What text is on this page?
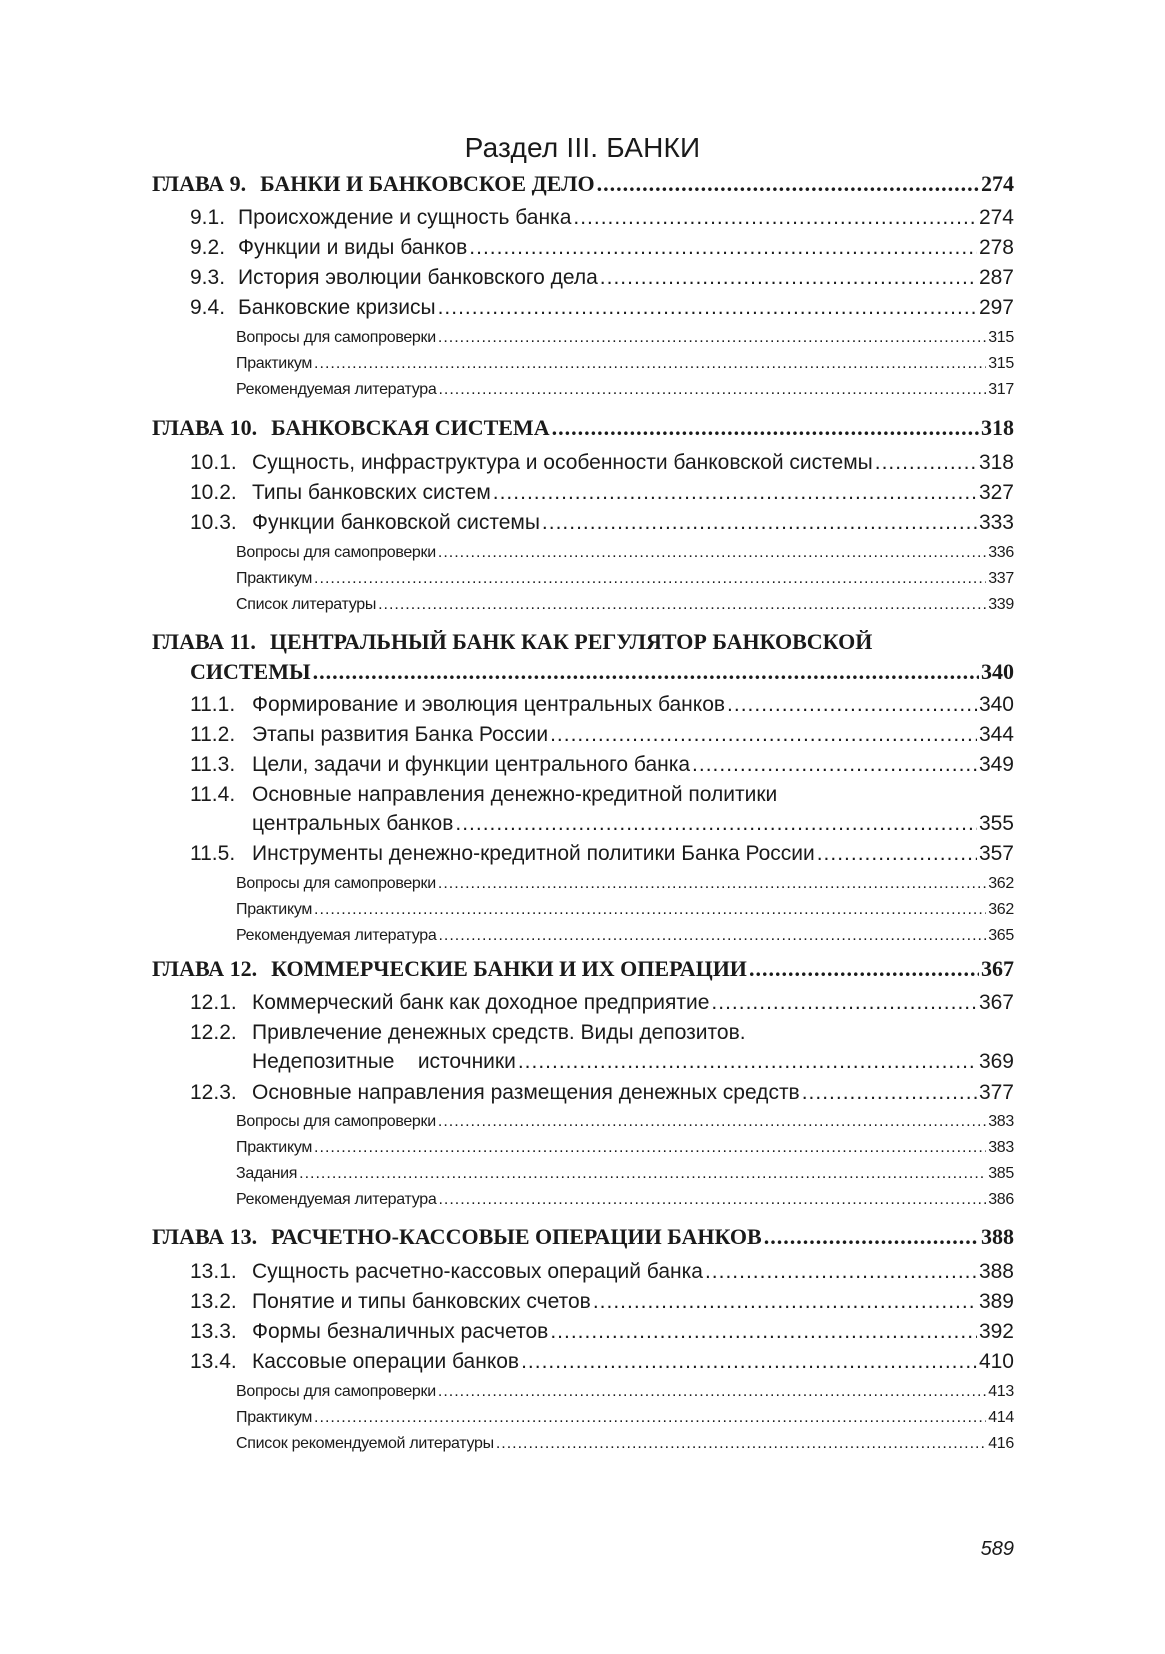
Раздел III. БАНКИ
ГЛАВА 9. БАНКИ И БАНКОВСКОЕ ДЕЛО .....	274
9.1. Происхождение и сущность банка .....	274
9.2. Функции и виды банков .....	278
9.3. История эволюции банковского дела .....	287
9.4. Банковские кризисы .....	297
Вопросы для самопроверки .....	315
Практикум .....	315
Рекомендуемая литература .....	317
ГЛАВА 10. БАНКОВСКАЯ СИСТЕМА .....	318
10.1. Сущность, инфраструктура и особенности банковской системы .....	318
10.2. Типы банковских систем .....	327
10.3. Функции банковской системы .....	333
Вопросы для самопроверки .....	336
Практикум .....	337
Список литературы .....	339
ГЛАВА 11. ЦЕНТРАЛЬНЫЙ БАНК КАК РЕГУЛЯТОР БАНКОВСКОЙ
СИСТЕМЫ .....	340
11.1. Формирование и эволюция центральных банков .....	340
11.2. Этапы развития Банка России .....	344
11.3. Цели, задачи и функции центрального банка .....	349
11.4. Основные направления денежно-кредитной политики
центральных банков .....	355
11.5. Инструменты денежно-кредитной политики Банка России .....	357
Вопросы для самопроверки .....	362
Практикум .....	362
Рекомендуемая литература .....	365
ГЛАВА 12. КОММЕРЧЕСКИЕ БАНКИ И ИХ ОПЕРАЦИИ .....	367
12.1. Коммерческий банк как доходное предприятие .....	367
12.2. Привлечение денежных средств. Виды депозитов.
Недепозитные    источники .....	369
12.3. Основные направления размещения денежных средств .....	377
Вопросы для самопроверки .....	383
Практикум .....	383
Задания .....	385
Рекомендуемая литература .....	386
ГЛАВА 13. РАСЧЕТНО-КАССОВЫЕ ОПЕРАЦИИ БАНКОВ .....	388
13.1. Сущность расчетно-кассовых операций банка .....	388
13.2. Понятие и типы банковских счетов .....	389
13.3. Формы безналичных расчетов .....	392
13.4. Кассовые операции банков .....	410
Вопросы для самопроверки .....	413
Практикум .....	414
Список рекомендуемой литературы .....	416
589
